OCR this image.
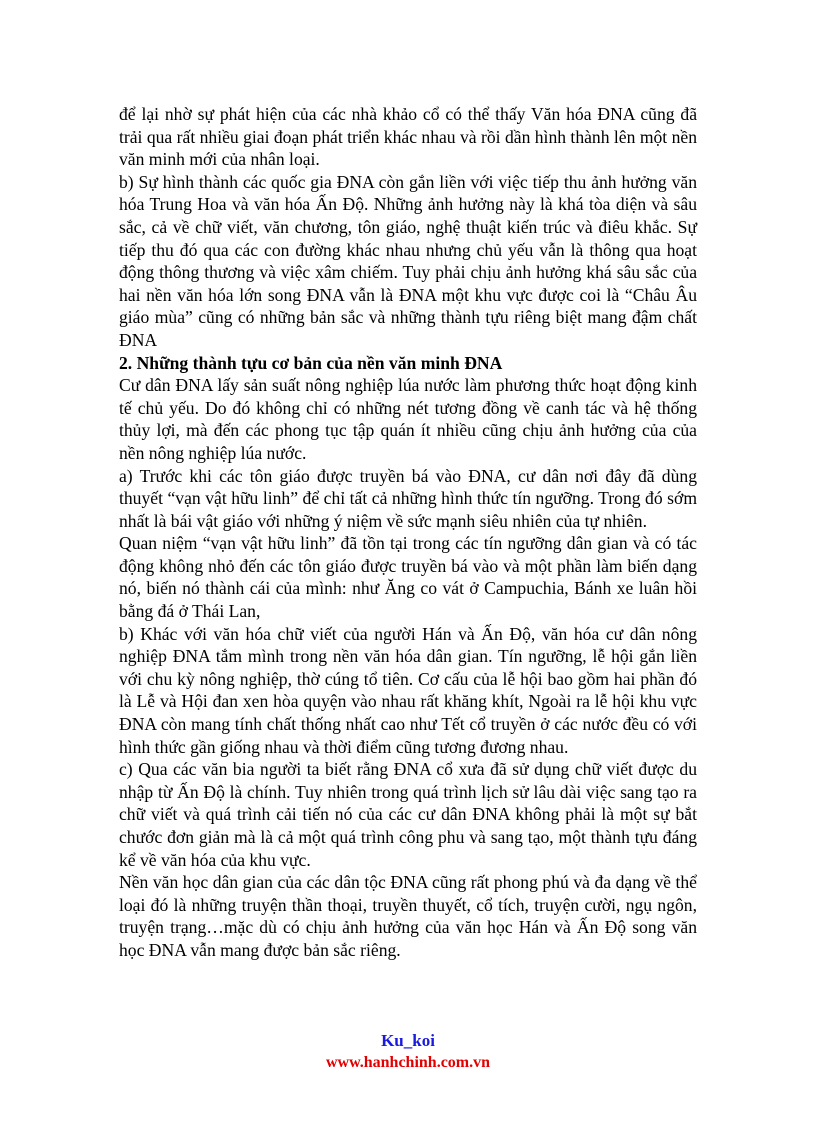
để lại nhờ sự phát hiện của các nhà khảo cổ có thể thấy Văn hóa ĐNA cũng đã trải qua rất nhiều giai đoạn phát triển khác nhau và rồi dần hình thành lên một nền văn minh mới của nhân loại.

b) Sự hình thành các quốc gia ĐNA còn gắn liền với việc tiếp thu ảnh hưởng văn hóa Trung Hoa và văn hóa Ấn Độ. Những ảnh hưởng này là khá tòa diện và sâu sắc, cả về chữ viết, văn chương, tôn giáo, nghệ thuật kiến trúc và điêu khắc. Sự tiếp thu đó qua các con đường khác nhau nhưng chủ yếu vẫn là thông qua hoạt động thông thương và việc xâm chiếm. Tuy phải chịu ảnh hưởng khá sâu sắc của hai nền văn hóa lớn song ĐNA vẫn là ĐNA một khu vực được coi là “Châu Âu giáo mùa” cũng có những bản sắc và những thành tựu riêng biệt mang đậm chất ĐNA

2. Những thành tựu cơ bản của nền văn minh ĐNA

Cư dân ĐNA lấy sản suất nông nghiệp lúa nước làm phương thức hoạt động kinh tế chủ yếu. Do đó không chỉ có những nét tương đồng về canh tác và hệ thống thủy lợi, mà đến các phong tục tập quán ít nhiều cũng chịu ảnh hưởng của của nền nông nghiệp lúa nước.

a) Trước khi các tôn giáo được truyền bá vào ĐNA, cư dân nơi đây đã dùng thuyết “vạn vật hữu linh” để chỉ tất cả những hình thức tín ngưỡng. Trong đó sớm nhất là bái vật giáo với những ý niệm về sức mạnh siêu nhiên của tự nhiên.

Quan niệm “vạn vật hữu linh” đã tồn tại trong các tín ngưỡng dân gian và có tác động không nhỏ đến các tôn giáo được truyền bá vào và một phần làm biến dạng nó, biến nó thành cái của mình: như Ăng co vát ở Campuchia, Bánh xe luân hồi bằng đá ở Thái Lan,

b) Khác với văn hóa chữ viết của người Hán và Ấn Độ, văn hóa cư dân nông nghiệp ĐNA tắm mình trong nền văn hóa dân gian. Tín ngưỡng, lễ hội gắn liền với chu kỳ nông nghiệp, thờ cúng tổ tiên. Cơ cấu của lễ hội bao gồm hai phần đó là Lễ và Hội đan xen hòa quyện vào nhau rất khăng khít, Ngoài ra lễ hội khu vực ĐNA còn mang tính chất thống nhất cao như Tết cổ truyền ở các nước đều có với hình thức gần giống nhau và thời điểm cũng tương đương nhau.

c) Qua các văn bia người ta biết rằng ĐNA cổ xưa đã sử dụng chữ viết được du nhập từ Ấn Độ là chính. Tuy nhiên trong quá trình lịch sử lâu dài việc sang tạo ra chữ viết và quá trình cải tiến nó của các cư dân ĐNA không phải là một sự bắt chước đơn giản mà là cả một quá trình công phu và sang tạo, một thành tựu đáng kể về văn hóa của khu vực.

Nền văn học dân gian của các dân tộc ĐNA cũng rất phong phú và đa dạng về thể loại đó là những truyện thần thoại, truyền thuyết, cổ tích, truyện cười, ngụ ngôn, truyện trạng…mặc dù có chịu ảnh hưởng của văn học Hán và Ấn Độ song văn học ĐNA vẫn mang được bản sắc riêng.

Ku_koi
www.hanhchinh.com.vn
